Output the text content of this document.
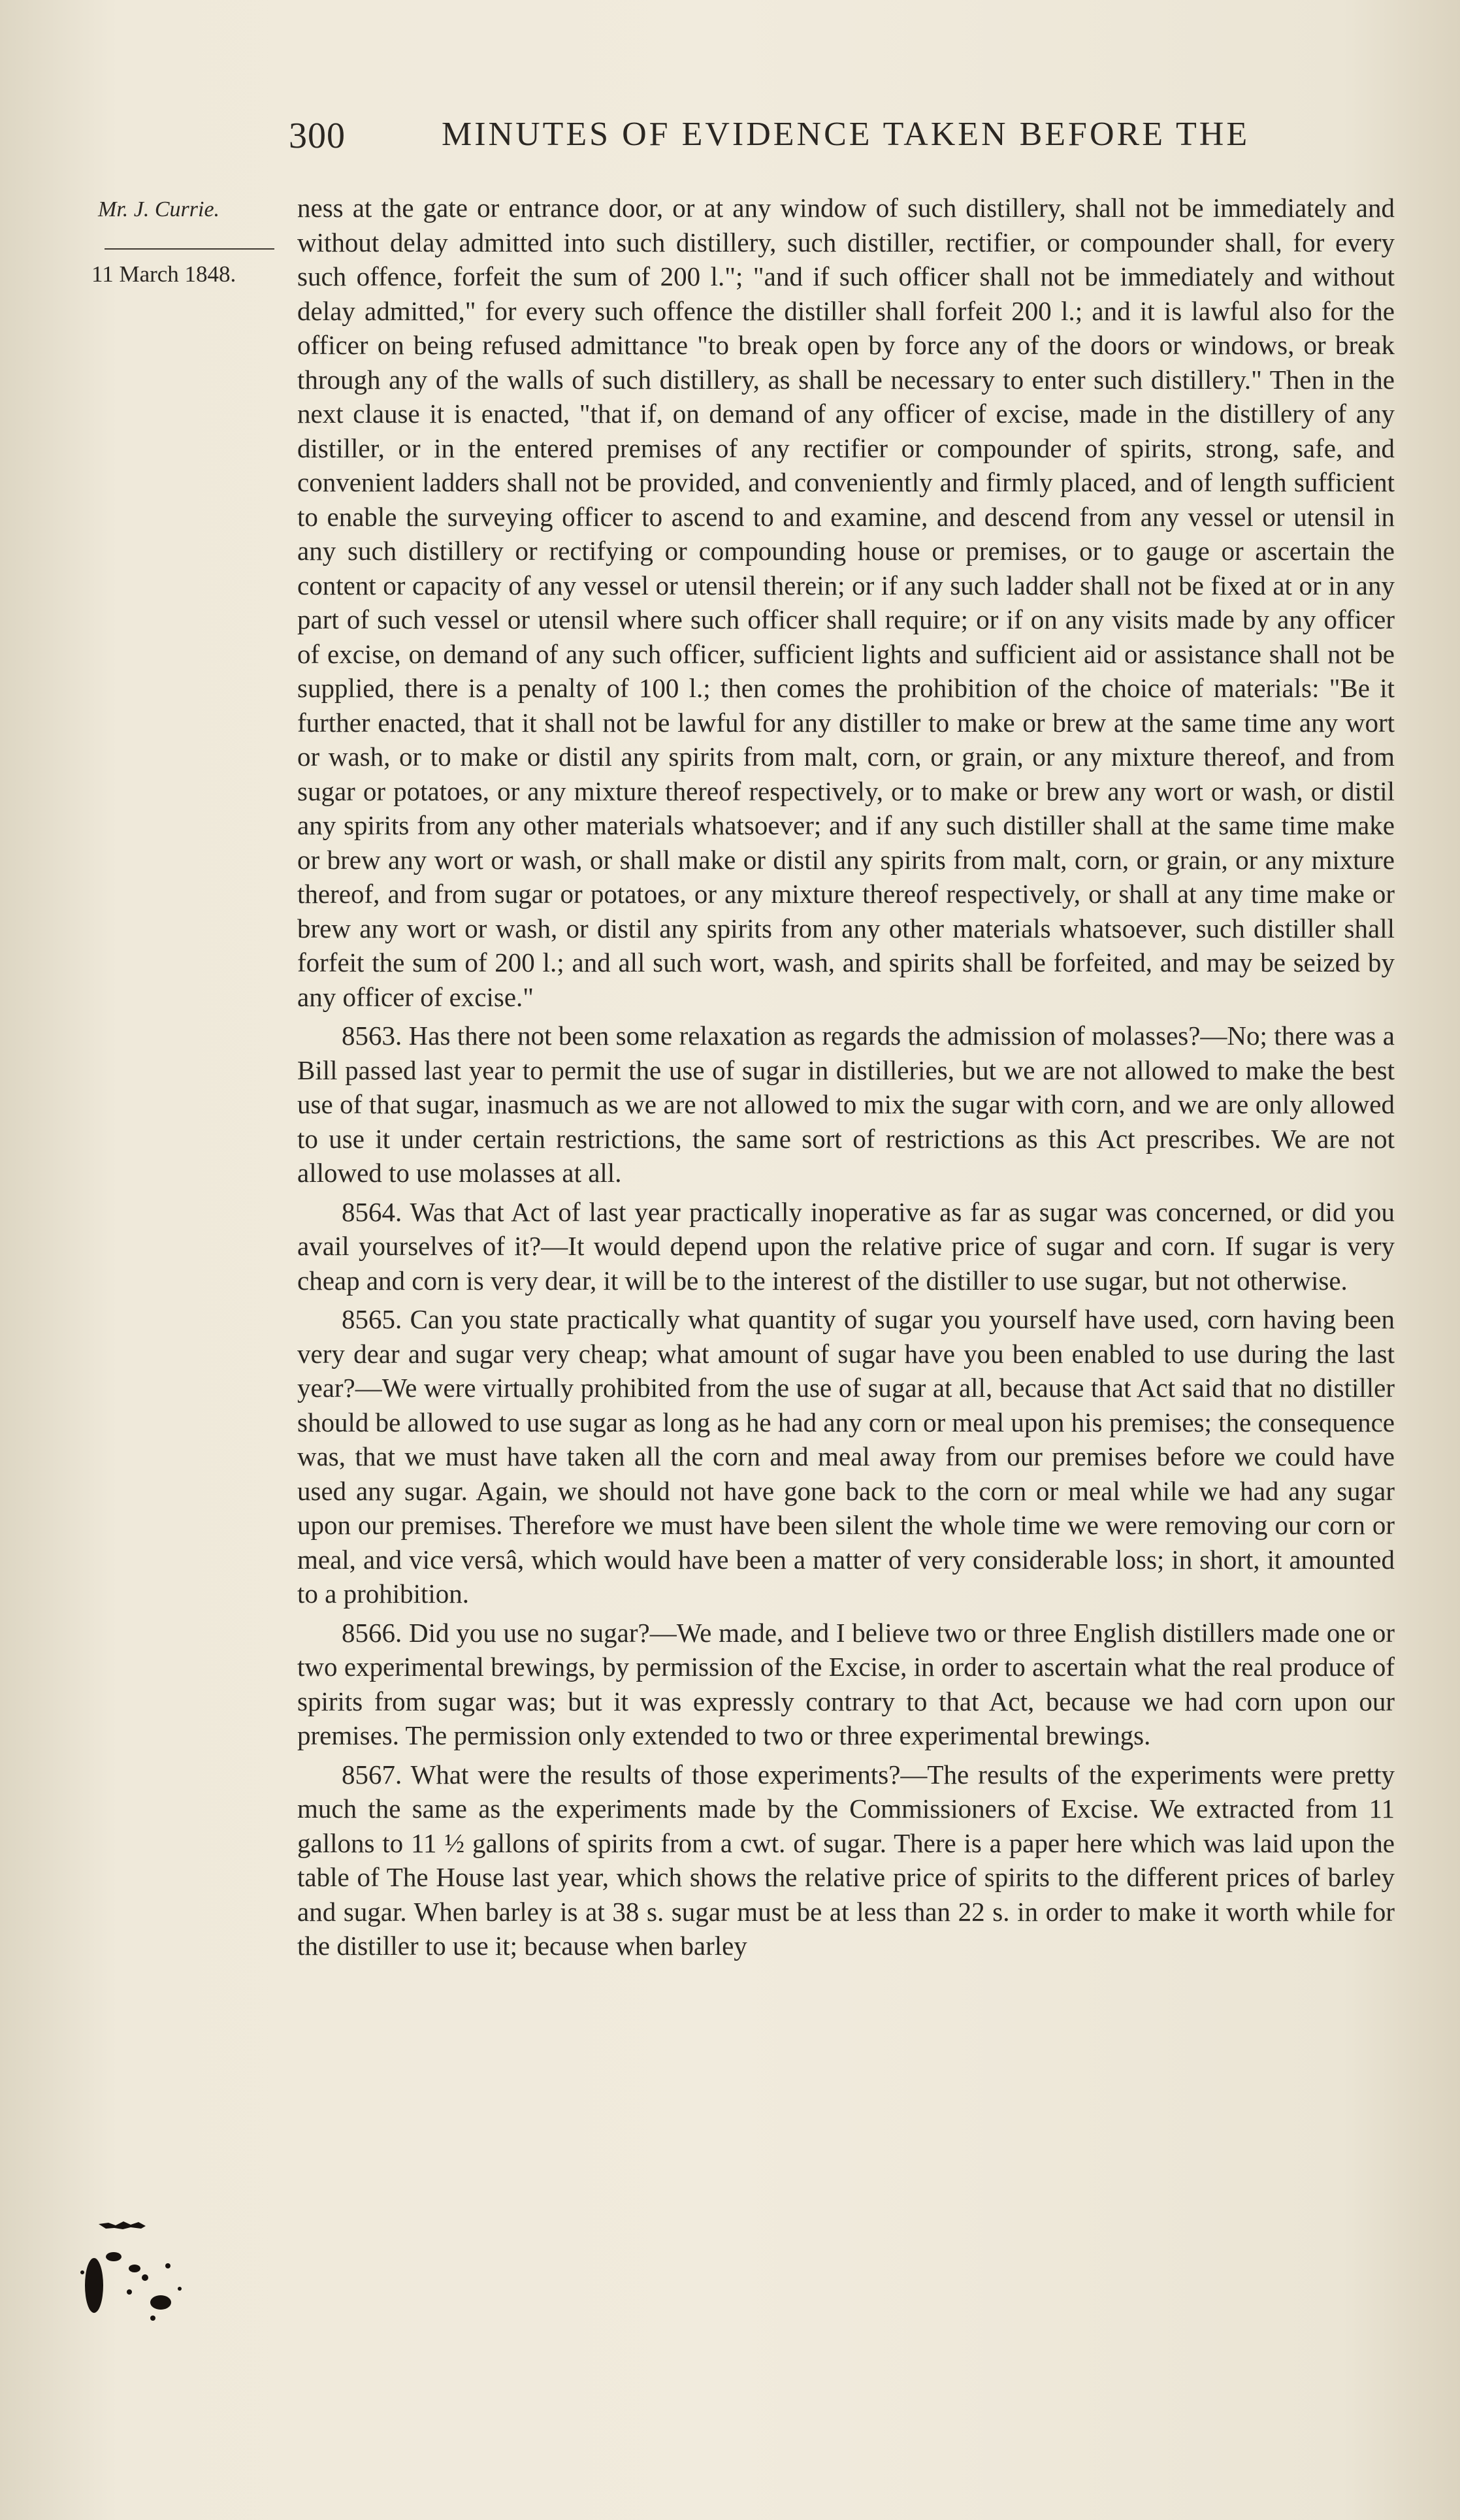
300	MINUTES OF EVIDENCE TAKEN BEFORE THE
Mr. J. Currie.
11 March 1848.

ness at the gate or entrance door, or at any window of such distillery, shall not be immediately and without delay admitted into such distillery, such distiller, rectifier, or compounder shall, for every such offence, forfeit the sum of 200 l."; "and if such officer shall not be immediately and without delay admitted," for every such offence the distiller shall forfeit 200 l.; and it is lawful also for the officer on being refused admittance "to break open by force any of the doors or windows, or break through any of the walls of such distillery, as shall be necessary to enter such distillery." Then in the next clause it is enacted, "that if, on demand of any officer of excise, made in the distillery of any distiller, or in the entered premises of any rectifier or compounder of spirits, strong, safe, and convenient ladders shall not be provided, and conveniently and firmly placed, and of length sufficient to enable the surveying officer to ascend to and examine, and descend from any vessel or utensil in any such distillery or rectifying or compounding house or premises, or to gauge or ascertain the content or capacity of any vessel or utensil therein; or if any such ladder shall not be fixed at or in any part of such vessel or utensil where such officer shall require; or if on any visits made by any officer of excise, on demand of any such officer, sufficient lights and sufficient aid or assistance shall not be supplied, there is a penalty of 100 l.; then comes the prohibition of the choice of materials: "Be it further enacted, that it shall not be lawful for any distiller to make or brew at the same time any wort or wash, or to make or distil any spirits from malt, corn, or grain, or any mixture thereof, and from sugar or potatoes, or any mixture thereof respectively, or to make or brew any wort or wash, or distil any spirits from any other materials whatsoever; and if any such distiller shall at the same time make or brew any wort or wash, or shall make or distil any spirits from malt, corn, or grain, or any mixture thereof, and from sugar or potatoes, or any mixture thereof respectively, or shall at any time make or brew any wort or wash, or distil any spirits from any other materials whatsoever, such distiller shall forfeit the sum of 200 l.; and all such wort, wash, and spirits shall be forfeited, and may be seized by any officer of excise."

8563. Has there not been some relaxation as regards the admission of molasses?—No; there was a Bill passed last year to permit the use of sugar in distilleries, but we are not allowed to make the best use of that sugar, inasmuch as we are not allowed to mix the sugar with corn, and we are only allowed to use it under certain restrictions, the same sort of restrictions as this Act prescribes. We are not allowed to use molasses at all.

8564. Was that Act of last year practically inoperative as far as sugar was concerned, or did you avail yourselves of it?—It would depend upon the relative price of sugar and corn. If sugar is very cheap and corn is very dear, it will be to the interest of the distiller to use sugar, but not otherwise.

8565. Can you state practically what quantity of sugar you yourself have used, corn having been very dear and sugar very cheap; what amount of sugar have you been enabled to use during the last year?—We were virtually prohibited from the use of sugar at all, because that Act said that no distiller should be allowed to use sugar as long as he had any corn or meal upon his premises; the consequence was, that we must have taken all the corn and meal away from our premises before we could have used any sugar. Again, we should not have gone back to the corn or meal while we had any sugar upon our premises. Therefore we must have been silent the whole time we were removing our corn or meal, and vice versâ, which would have been a matter of very considerable loss; in short, it amounted to a prohibition.

8566. Did you use no sugar?—We made, and I believe two or three English distillers made one or two experimental brewings, by permission of the Excise, in order to ascertain what the real produce of spirits from sugar was; but it was expressly contrary to that Act, because we had corn upon our premises. The permission only extended to two or three experimental brewings.

8567. What were the results of those experiments?—The results of the experiments were pretty much the same as the experiments made by the Commissioners of Excise. We extracted from 11 gallons to 11 ½ gallons of spirits from a cwt. of sugar. There is a paper here which was laid upon the table of The House last year, which shows the relative price of spirits to the different prices of barley and sugar. When barley is at 38 s. sugar must be at less than 22 s. in order to make it worth while for the distiller to use it; because when barley
